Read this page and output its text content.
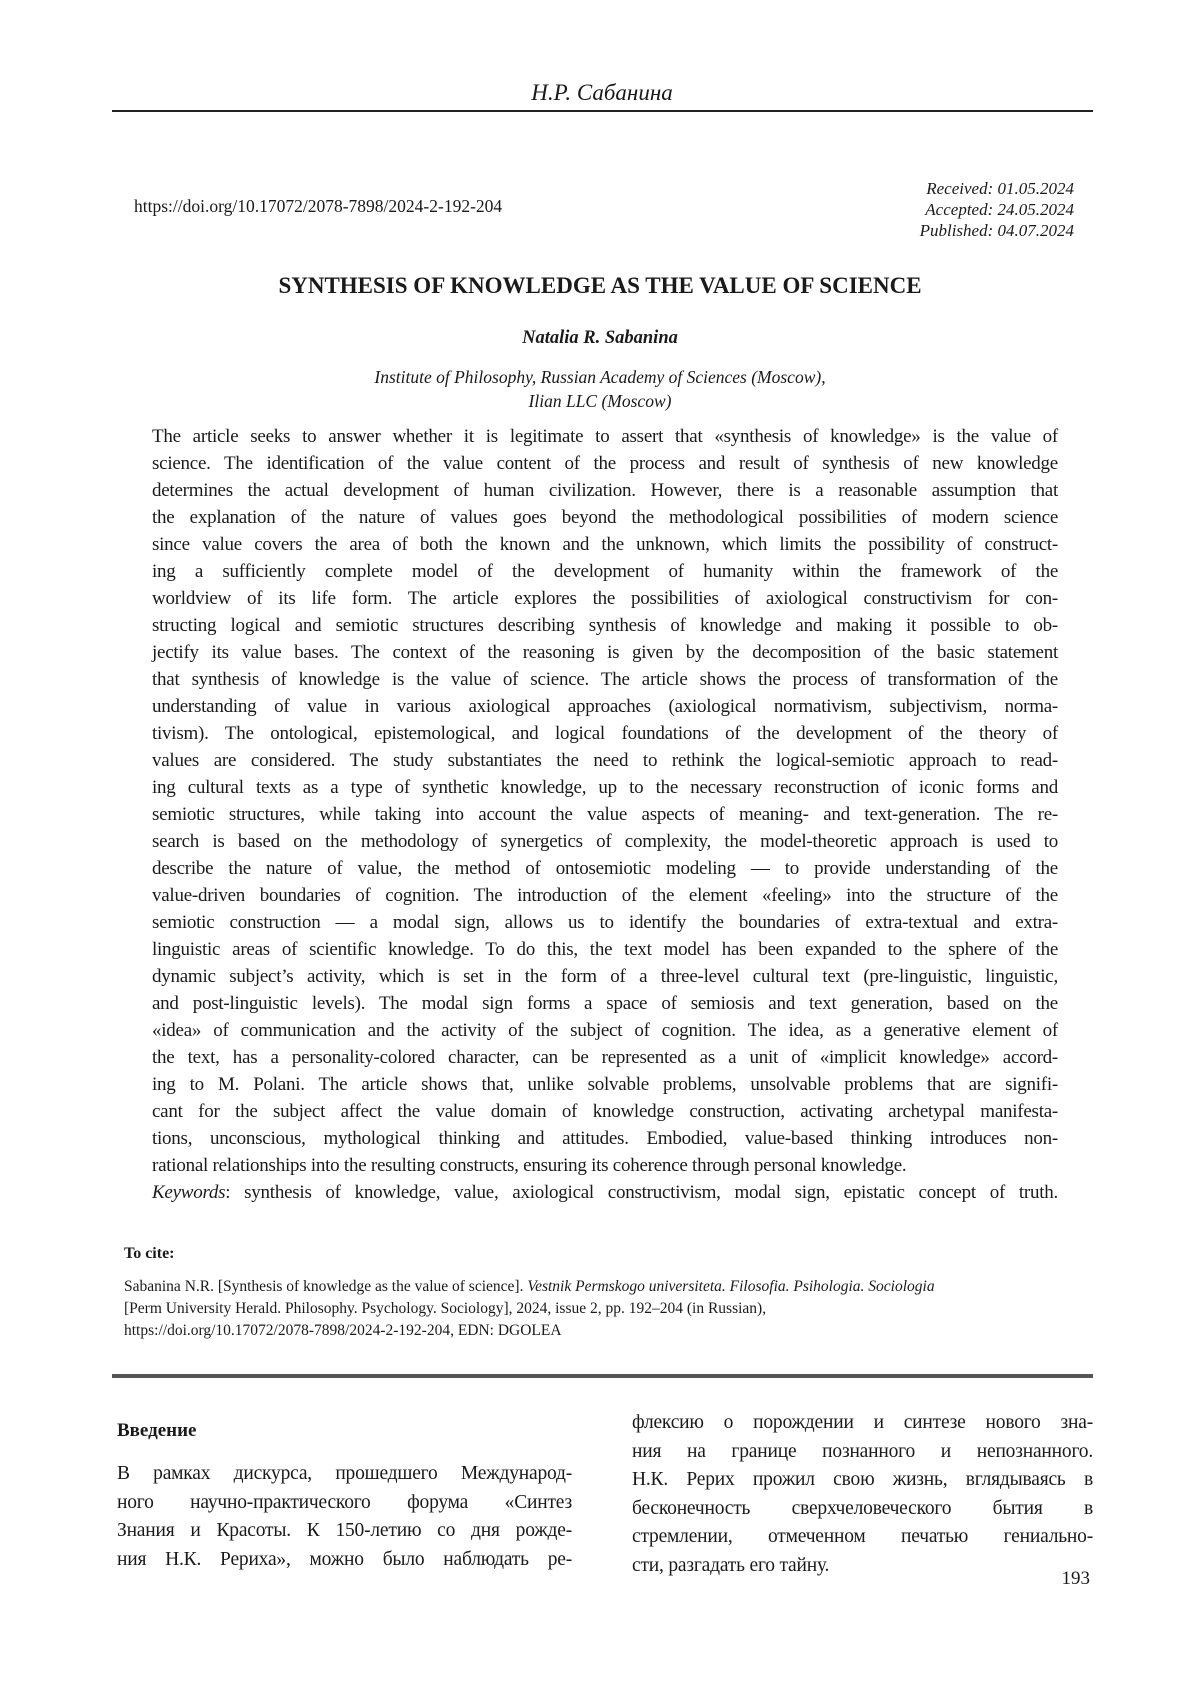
Н.Р. Сабанина
https://doi.org/10.17072/2078-7898/2024-2-192-204
Received: 01.05.2024
Accepted: 24.05.2024
Published: 04.07.2024
SYNTHESIS OF KNOWLEDGE AS THE VALUE OF SCIENCE
Natalia R. Sabanina
Institute of Philosophy, Russian Academy of Sciences (Moscow),
Ilian LLC (Moscow)
The article seeks to answer whether it is legitimate to assert that «synthesis of knowledge» is the value of
science. The identification of the value content of the process and result of synthesis of new knowledge
determines the actual development of human civilization. However, there is a reasonable assumption that
the explanation of the nature of values goes beyond the methodological possibilities of modern science
since value covers the area of both the known and the unknown, which limits the possibility of construct-
ing a sufficiently complete model of the development of humanity within the framework of the
worldview of its life form. The article explores the possibilities of axiological constructivism for con-
structing logical and semiotic structures describing synthesis of knowledge and making it possible to ob-
jectify its value bases. The context of the reasoning is given by the decomposition of the basic statement
that synthesis of knowledge is the value of science. The article shows the process of transformation of the
understanding of value in various axiological approaches (axiological normativism, subjectivism, norma-
tivism). The ontological, epistemological, and logical foundations of the development of the theory of
values are considered. The study substantiates the need to rethink the logical-semiotic approach to read-
ing cultural texts as a type of synthetic knowledge, up to the necessary reconstruction of iconic forms and
semiotic structures, while taking into account the value aspects of meaning- and text-generation. The re-
search is based on the methodology of synergetics of complexity, the model-theoretic approach is used to
describe the nature of value, the method of ontosemiotic modeling — to provide understanding of the
value-driven boundaries of cognition. The introduction of the element «feeling» into the structure of the
semiotic construction — a modal sign, allows us to identify the boundaries of extra-textual and extra-
linguistic areas of scientific knowledge. To do this, the text model has been expanded to the sphere of the
dynamic subject’s activity, which is set in the form of a three-level cultural text (pre-linguistic, linguistic,
and post-linguistic levels). The modal sign forms a space of semiosis and text generation, based on the
«idea» of communication and the activity of the subject of cognition. The idea, as a generative element of
the text, has a personality-colored character, can be represented as a unit of «implicit knowledge» accord-
ing to M. Polani. The article shows that, unlike solvable problems, unsolvable problems that are signifi-
cant for the subject affect the value domain of knowledge construction, activating archetypal manifesta-
tions, unconscious, mythological thinking and attitudes. Embodied, value-based thinking introduces non-
rational relationships into the resulting constructs, ensuring its coherence through personal knowledge.
Keywords: synthesis of knowledge, value, axiological constructivism, modal sign, epistatic concept of truth.
To cite:
Sabanina N.R. [Synthesis of knowledge as the value of science]. Vestnik Permskogo universiteta. Filosofia. Psihologia. Sociologia
[Perm University Herald. Philosophy. Psychology. Sociology], 2024, issue 2, pp. 192–204 (in Russian),
https://doi.org/10.17072/2078-7898/2024-2-192-204, EDN: DGOLEA
Введение
В рамках дискурса, прошедшего Международ-
ного научно-практического форума «Синтез
Знания и Красоты. К 150-летию со дня рожде-
ния Н.К. Рериха», можно было наблюдать ре-
флексию о порождении и синтезе нового зна-
ния на границе познанного и непознанного.
Н.К. Рерих прожил свою жизнь, вглядываясь в
бесконечность сверхчеловеческого бытия в
стремлении, отмеченном печатью гениально-
сти, разгадать его тайну.
193
